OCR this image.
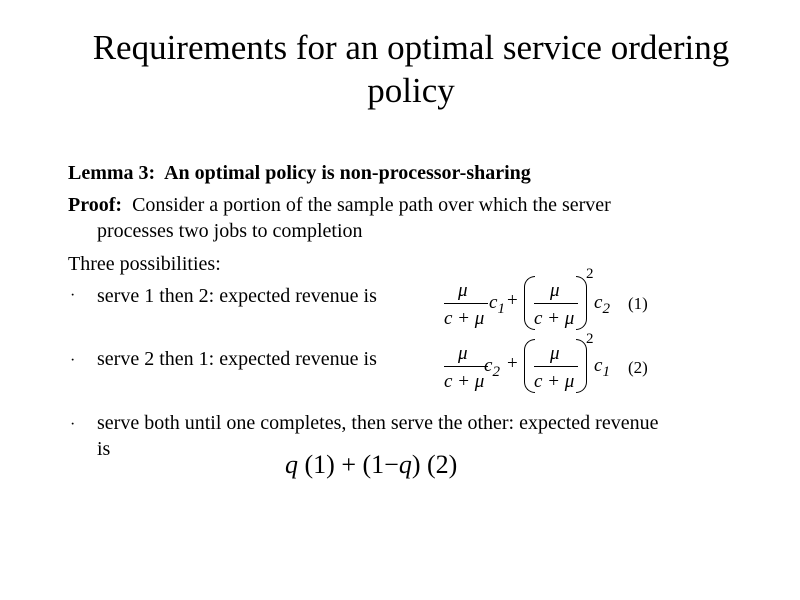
Requirements for an optimal service ordering
policy
Lemma 3: An optimal policy is non-processor-sharing
Proof: Consider a portion of the sample path over which the server
processes two jobs to completion
Three possibilities:
· serve 1 then 2: expected revenue is	μ
c + μ
$c_1 + \mu$
c + μ
2
$c_2$ (1)
· serve 2 then 1: expected revenue is	μ
c + μ
$c_2 + \mu$
c + μ
2
$c_1$ (2)
· serve both until one completes, then serve the other: expected revenue
is
q (1) + (1−q) (2)
